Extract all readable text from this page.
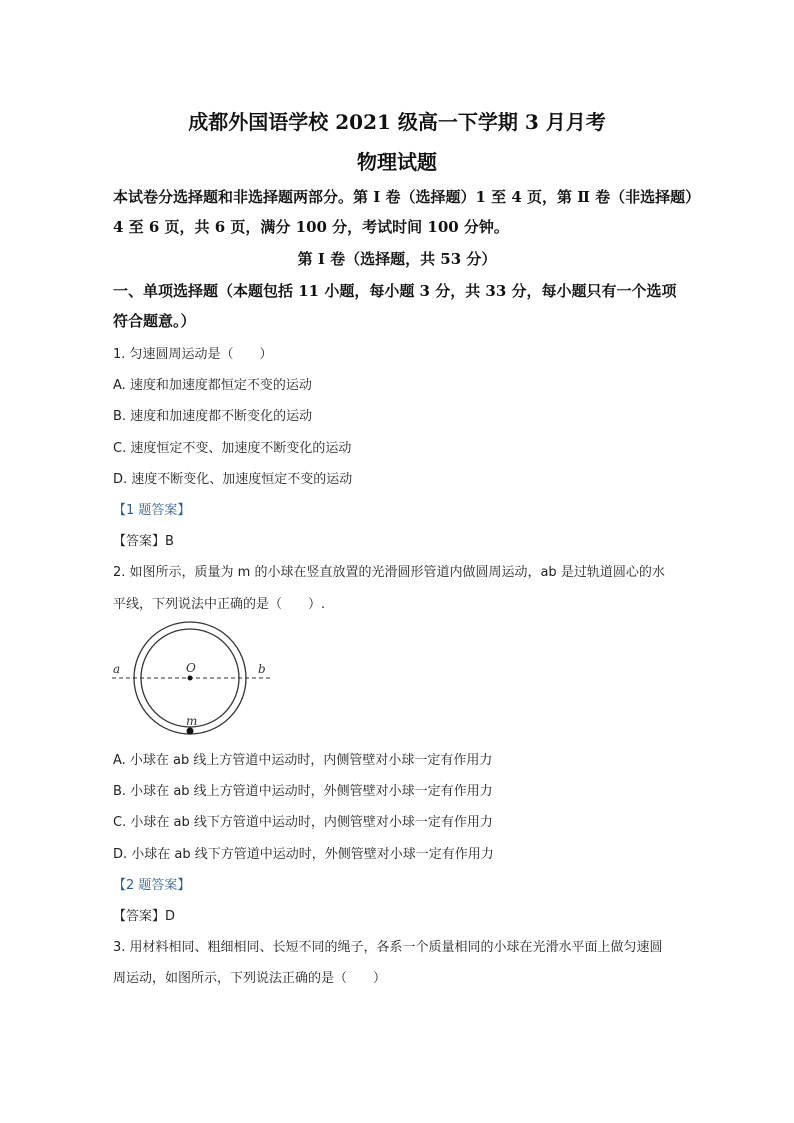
成都外国语学校 2021 级高一下学期 3 月月考
物理试题
本试卷分选择题和非选择题两部分。第 Ⅰ 卷（选择题）1 至 4 页，第 Ⅱ 卷（非选择题）
4 至 6 页，共 6 页，满分 100 分，考试时间 100 分钟。
第 Ⅰ 卷（选择题，共 53 分）
一、单项选择题（本题包括 11 小题，每小题 3 分，共 33 分，每小题只有一个选项
符合题意。）
1. 匀速圆周运动是（　　）
A. 速度和加速度都恒定不变的运动
B. 速度和加速度都不断变化的运动
C. 速度恒定不变、加速度不断变化的运动
D. 速度不断变化、加速度恒定不变的运动
【1 题答案】
【答案】B
2. 如图所示，质量为 m 的小球在竖直放置的光滑圆形管道内做圆周运动，ab 是过轨道圆心的水
平线，下列说法中正确的是（　　）.
a	b
O
m
A. 小球在 ab 线上方管道中运动时，内侧管壁对小球一定有作用力
B. 小球在 ab 线上方管道中运动时，外侧管壁对小球一定有作用力
C. 小球在 ab 线下方管道中运动时，内侧管壁对小球一定有作用力
D. 小球在 ab 线下方管道中运动时，外侧管壁对小球一定有作用力
【2 题答案】
【答案】D
3. 用材料相同、粗细相同、长短不同的绳子，各系一个质量相同的小球在光滑水平面上做匀速圆
周运动，如图所示，下列说法正确的是（　　）
